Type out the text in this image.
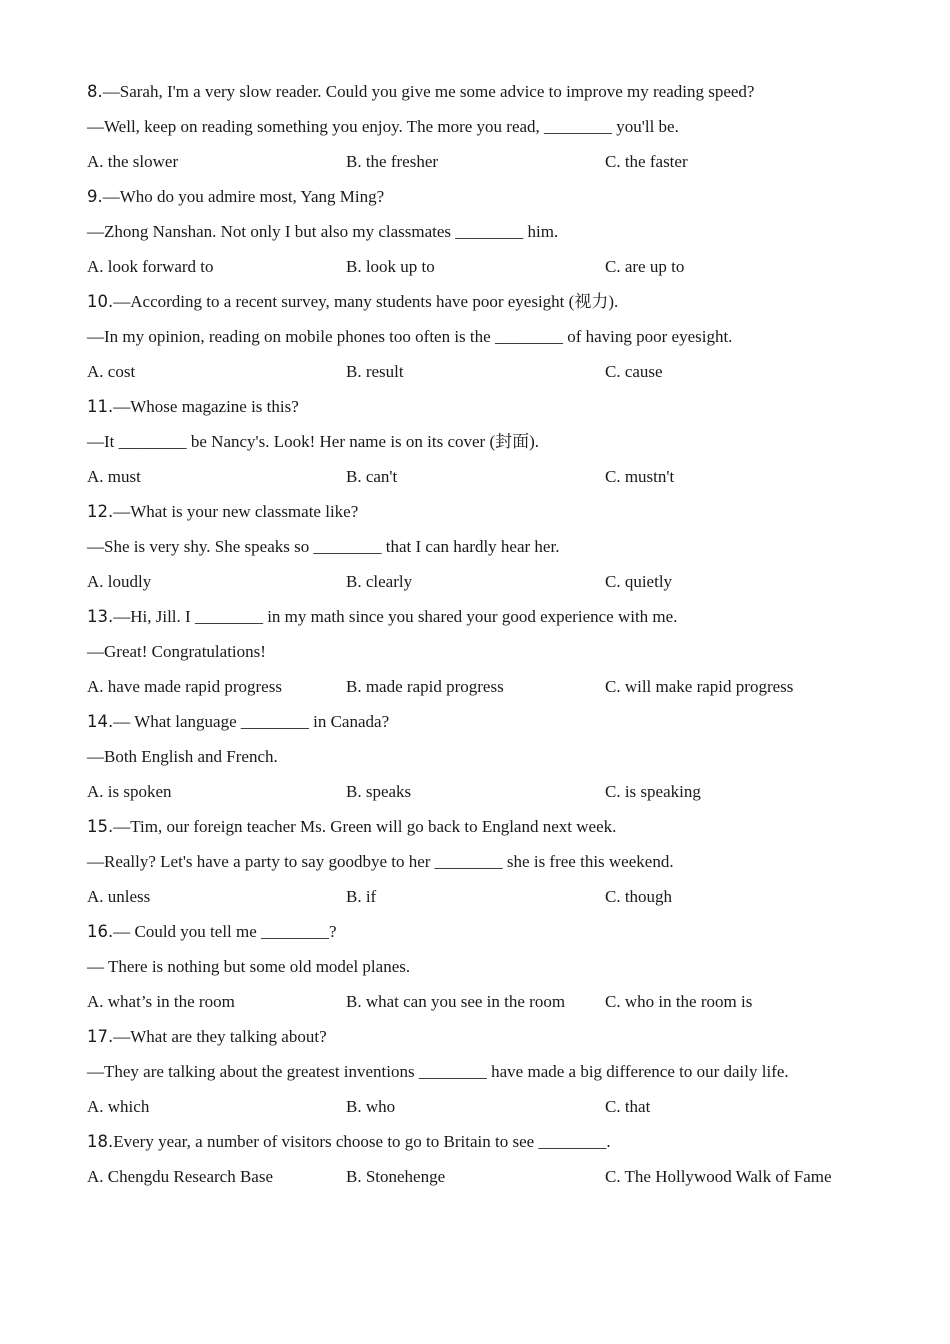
8.—Sarah, I'm a very slow reader. Could you give me some advice to improve my reading speed?
—Well, keep on reading something you enjoy. The more you read, ________ you'll be.
A. the slower	B. the fresher	C. the faster
9.—Who do you admire most, Yang Ming?
—Zhong Nanshan. Not only I but also my classmates ________ him.
A. look forward to	B. look up to	C. are up to
10.—According to a recent survey, many students have poor eyesight (视力).
—In my opinion, reading on mobile phones too often is the ________ of having poor eyesight.
A. cost	B. result	C. cause
11.—Whose magazine is this?
—It ________ be Nancy's. Look! Her name is on its cover (封面).
A. must	B. can't	C. mustn't
12.—What is your new classmate like?
—She is very shy. She speaks so ________ that I can hardly hear her.
A. loudly	B. clearly	C. quietly
13.—Hi, Jill. I ________ in my math since you shared your good experience with me.
—Great! Congratulations!
A. have made rapid progress	B. made rapid progress	C. will make rapid progress
14.— What language ________ in Canada?
—Both English and French.
A. is spoken	B. speaks	C. is speaking
15.—Tim, our foreign teacher Ms. Green will go back to England next week.
—Really? Let's have a party to say goodbye to her ________ she is free this weekend.
A. unless	B. if	C. though
16.— Could you tell me ________?
— There is nothing but some old model planes.
A. what’s in the room	B. what can you see in the room	C. who in the room is
17.—What are they talking about?
—They are talking about the greatest inventions ________ have made a big difference to our daily life.
A. which	B. who	C. that
18.Every year, a number of visitors choose to go to Britain to see ________.
A. Chengdu Research Base	B. Stonehenge	C. The Hollywood Walk of Fame
